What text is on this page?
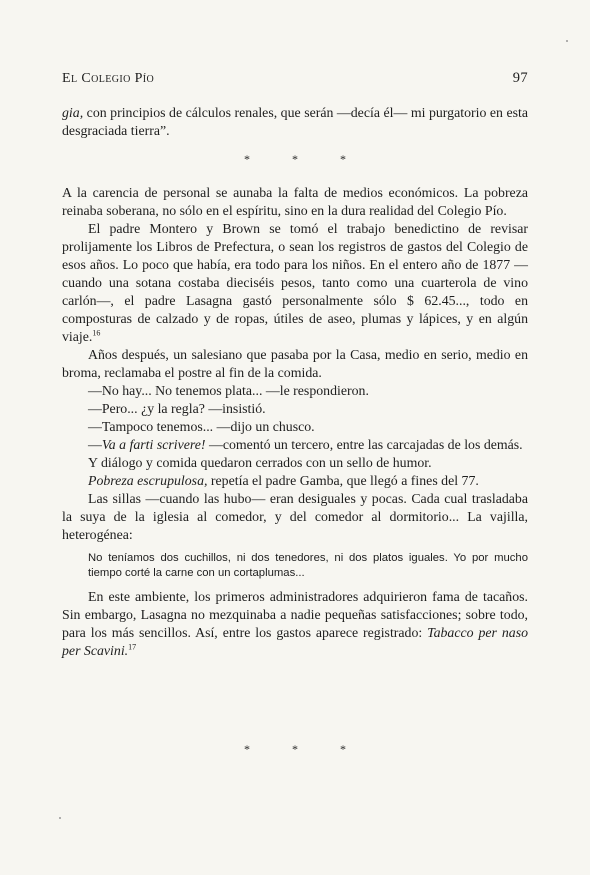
El Colegio Pío	97

gia, con principios de cálculos renales, que serán —decía él— mi purgatorio en esta desgraciada tierra”.

*	*	*

A la carencia de personal se aunaba la falta de medios económicos. La pobreza reinaba soberana, no sólo en el espíritu, sino en la dura realidad del Colegio Pío.

El padre Montero y Brown se tomó el trabajo benedictino de revisar prolijamente los Libros de Prefectura, o sean los registros de gastos del Colegio de esos años. Lo poco que había, era todo para los niños. En el entero año de 1877 —cuando una sotana costaba dieciséis pesos, tanto como una cuarterola de vino carlón—, el padre Lasagna gastó personalmente sólo $ 62.45..., todo en composturas de calzado y de ropas, útiles de aseo, plumas y lápices, y en algún viaje.$^{16}$

Años después, un salesiano que pasaba por la Casa, medio en serio, medio en broma, reclamaba el postre al fin de la comida.

—No hay... No tenemos plata... —le respondieron.

—Pero... ¿y la regla? —insistió.

—Tampoco tenemos... —dijo un chusco.

—Va a farti scrivere! —comentó un tercero, entre las carcajadas de los demás.

Y diálogo y comida quedaron cerrados con un sello de humor.

Pobreza escrupulosa, repetía el padre Gamba, que llegó a fines del 77.

Las sillas —cuando las hubo— eran desiguales y pocas. Cada cual trasladaba la suya de la iglesia al comedor, y del comedor al dormitorio... La vajilla, heterogénea:

No teníamos dos cuchillos, ni dos tenedores, ni dos platos iguales. Yo por mucho tiempo corté la carne con un cortaplumas...

En este ambiente, los primeros administradores adquirieron fama de tacaños. Sin embargo, Lasagna no mezquinaba a nadie pequeñas satisfacciones; sobre todo, para los más sencillos. Así, entre los gastos aparece registrado: Tabacco per naso per Scavini.$^{17}$

*	*	*
